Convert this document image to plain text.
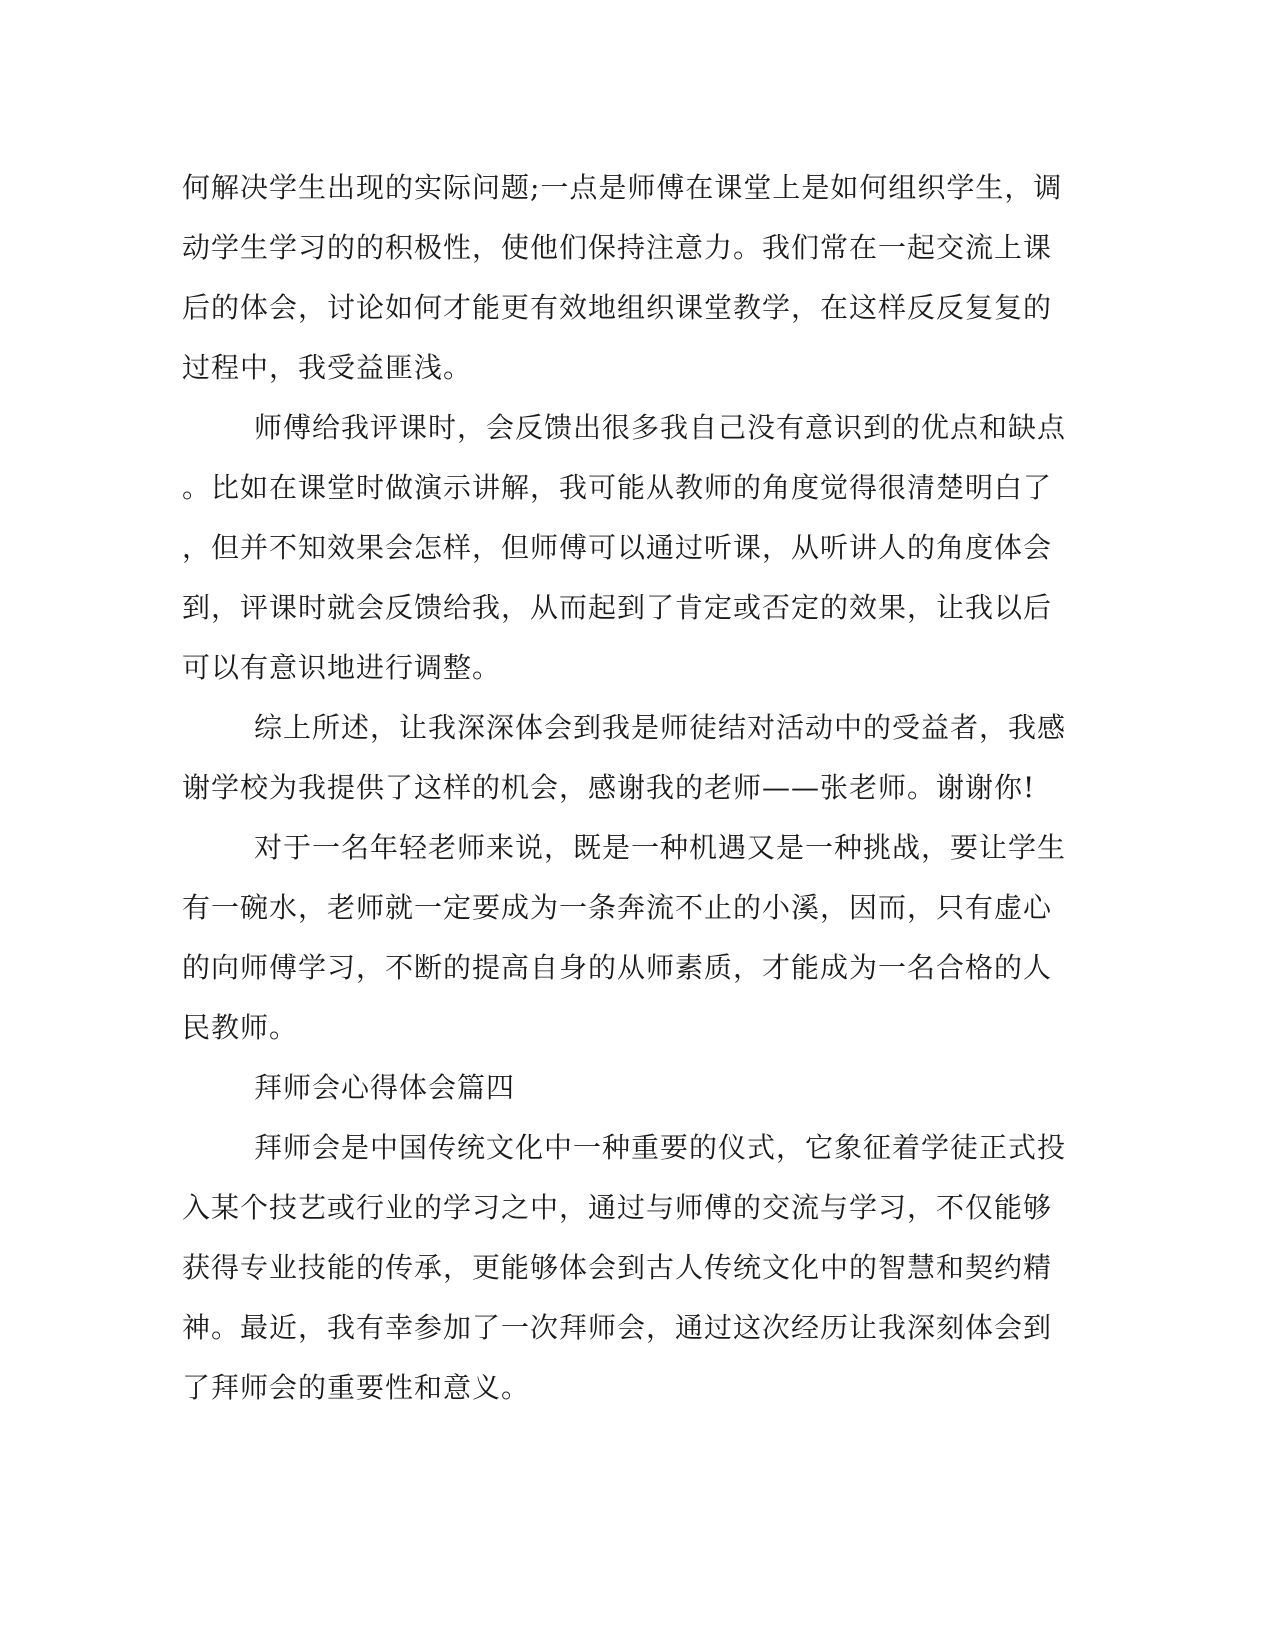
何解决学生出现的实际问题;一点是师傅在课堂上是如何组织学生，调
动学生学习的的积极性，使他们保持注意力。我们常在一起交流上课
后的体会，讨论如何才能更有效地组织课堂教学，在这样反反复复的
过程中，我受益匪浅。
师傅给我评课时，会反馈出很多我自己没有意识到的优点和缺点
。比如在课堂时做演示讲解，我可能从教师的角度觉得很清楚明白了
，但并不知效果会怎样，但师傅可以通过听课，从听讲人的角度体会
到，评课时就会反馈给我，从而起到了肯定或否定的效果，让我以后
可以有意识地进行调整。
综上所述，让我深深体会到我是师徒结对活动中的受益者，我感
谢学校为我提供了这样的机会，感谢我的老师——张老师。谢谢你!
对于一名年轻老师来说，既是一种机遇又是一种挑战，要让学生
有一碗水，老师就一定要成为一条奔流不止的小溪，因而，只有虚心
的向师傅学习，不断的提高自身的从师素质，才能成为一名合格的人
民教师。
拜师会心得体会篇四
拜师会是中国传统文化中一种重要的仪式，它象征着学徒正式投
入某个技艺或行业的学习之中，通过与师傅的交流与学习，不仅能够
获得专业技能的传承，更能够体会到古人传统文化中的智慧和契约精
神。最近，我有幸参加了一次拜师会，通过这次经历让我深刻体会到
了拜师会的重要性和意义。
